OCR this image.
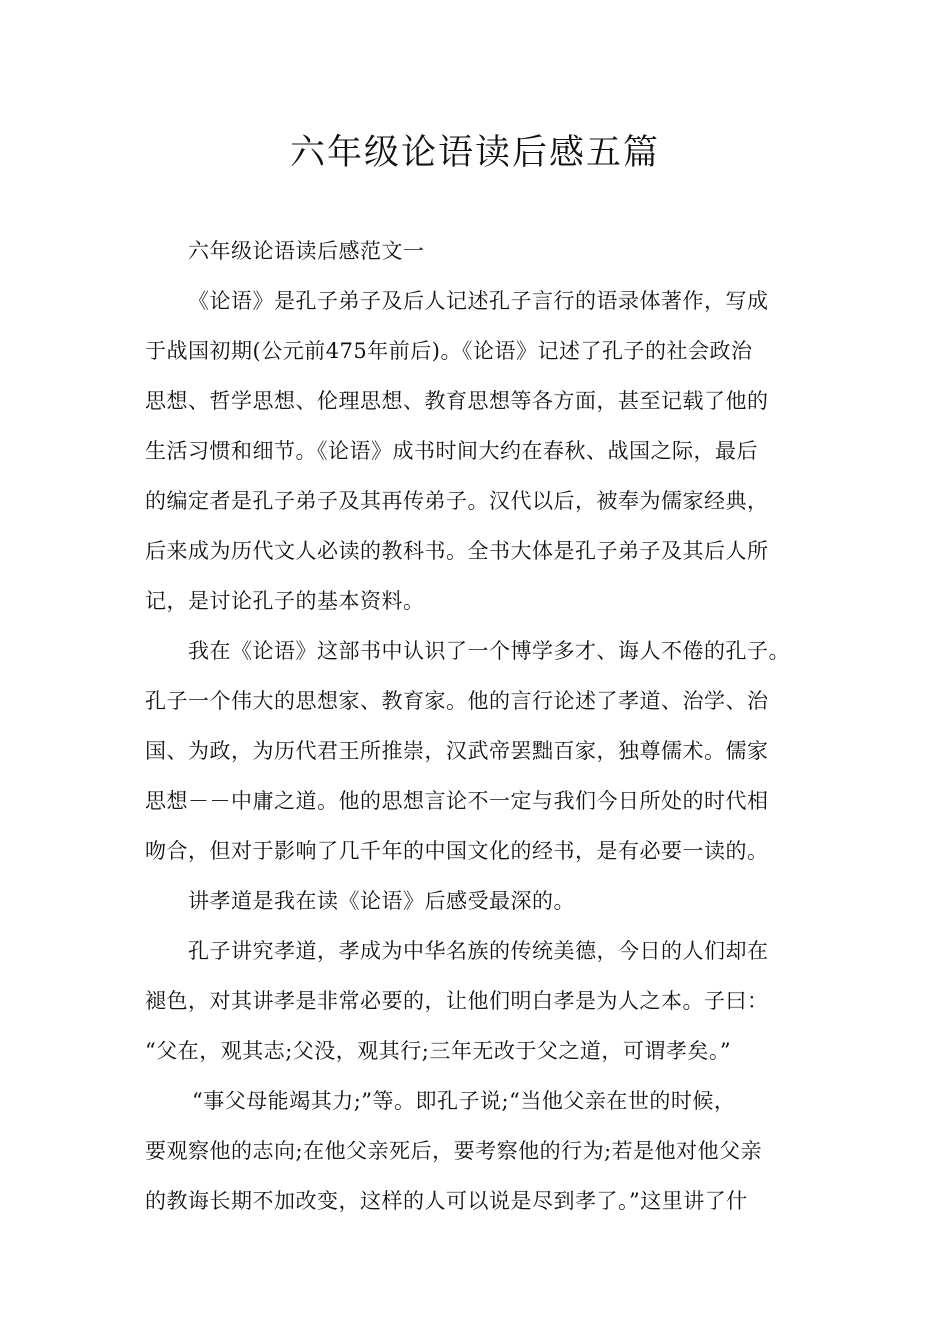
六年级论语读后感五篇
六年级论语读后感范文一
《论语》是孔子弟子及后人记述孔子言行的语录体著作，写成
于战国初期(公元前475年前后)。《论语》记述了孔子的社会政治
思想、哲学思想、伦理思想、教育思想等各方面，甚至记载了他的
生活习惯和细节。《论语》成书时间大约在春秋、战国之际，最后
的编定者是孔子弟子及其再传弟子。汉代以后，被奉为儒家经典，
后来成为历代文人必读的教科书。全书大体是孔子弟子及其后人所
记，是讨论孔子的基本资料。
我在《论语》这部书中认识了一个博学多才、诲人不倦的孔子。
孔子一个伟大的思想家、教育家。他的言行论述了孝道、治学、治
国、为政，为历代君王所推崇，汉武帝罢黜百家，独尊儒术。儒家
思想－－中庸之道。他的思想言论不一定与我们今日所处的时代相
吻合，但对于影响了几千年的中国文化的经书，是有必要一读的。
讲孝道是我在读《论语》后感受最深的。
孔子讲究孝道，孝成为中华名族的传统美德，今日的人们却在
褪色，对其讲孝是非常必要的，让他们明白孝是为人之本。子曰：
“父在，观其志;父没，观其行;三年无改于父之道，可谓孝矣。”
“事父母能竭其力;”等。即孔子说;“当他父亲在世的时候，
要观察他的志向;在他父亲死后，要考察他的行为;若是他对他父亲
的教诲长期不加改变，这样的人可以说是尽到孝了。”这里讲了什
